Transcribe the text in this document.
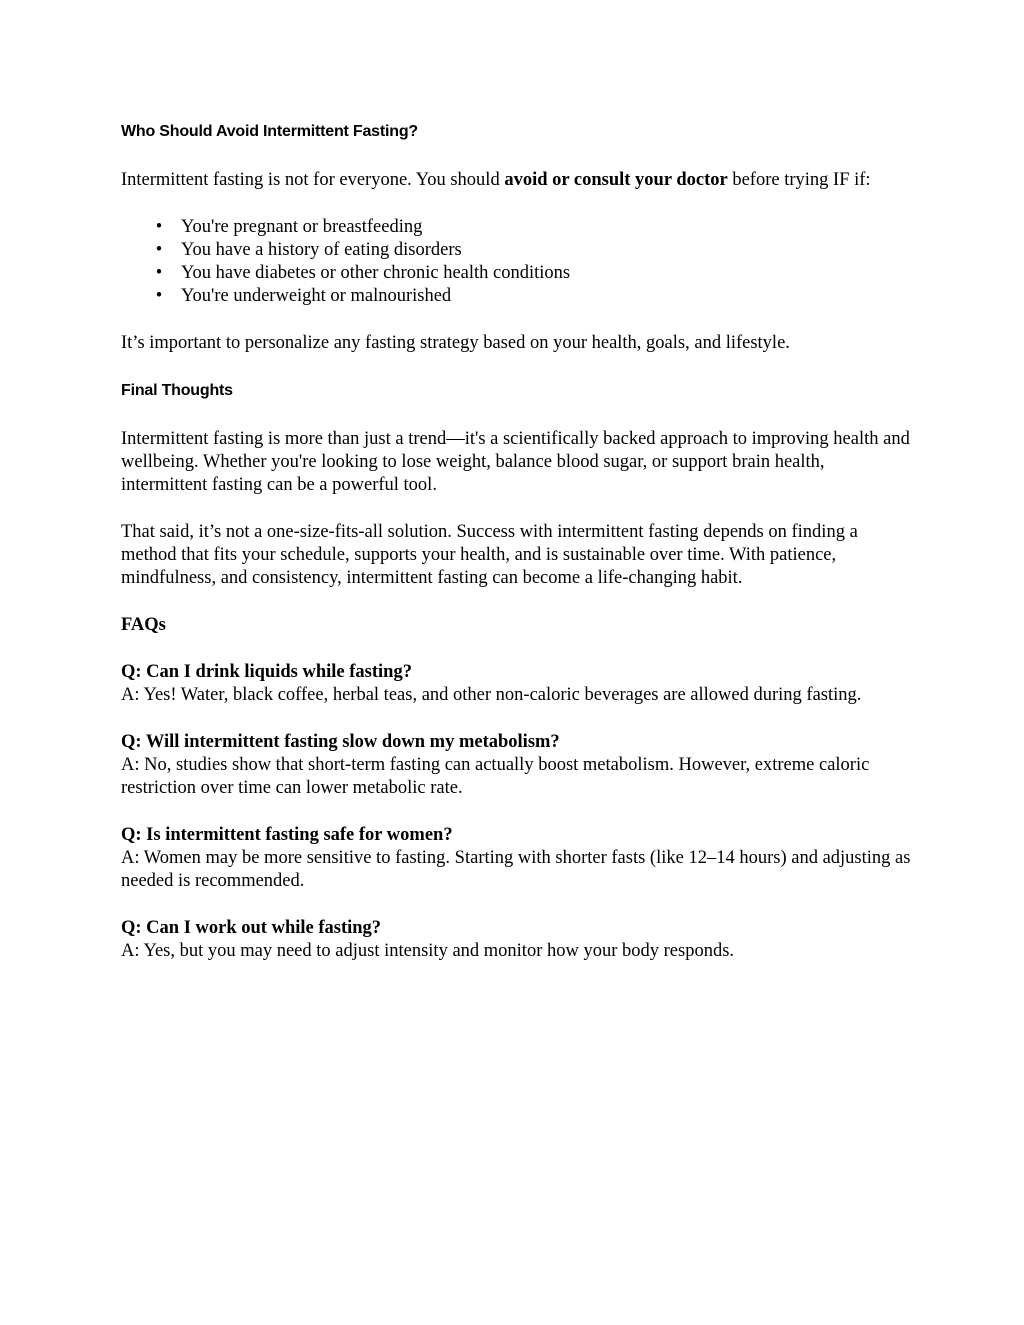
Who Should Avoid Intermittent Fasting?

Intermittent fasting is not for everyone. You should avoid or consult your doctor before trying IF if:

• You're pregnant or breastfeeding
• You have a history of eating disorders
• You have diabetes or other chronic health conditions
• You're underweight or malnourished

It’s important to personalize any fasting strategy based on your health, goals, and lifestyle.

Final Thoughts

Intermittent fasting is more than just a trend—it's a scientifically backed approach to improving health and wellbeing. Whether you're looking to lose weight, balance blood sugar, or support brain health, intermittent fasting can be a powerful tool.

That said, it’s not a one-size-fits-all solution. Success with intermittent fasting depends on finding a method that fits your schedule, supports your health, and is sustainable over time. With patience, mindfulness, and consistency, intermittent fasting can become a life-changing habit.

FAQs

Q: Can I drink liquids while fasting?

A: Yes! Water, black coffee, herbal teas, and other non-caloric beverages are allowed during fasting.

Q: Will intermittent fasting slow down my metabolism?

A: No, studies show that short-term fasting can actually boost metabolism. However, extreme caloric restriction over time can lower metabolic rate.

Q: Is intermittent fasting safe for women?

A: Women may be more sensitive to fasting. Starting with shorter fasts (like 12–14 hours) and adjusting as needed is recommended.

Q: Can I work out while fasting?

A: Yes, but you may need to adjust intensity and monitor how your body responds.
